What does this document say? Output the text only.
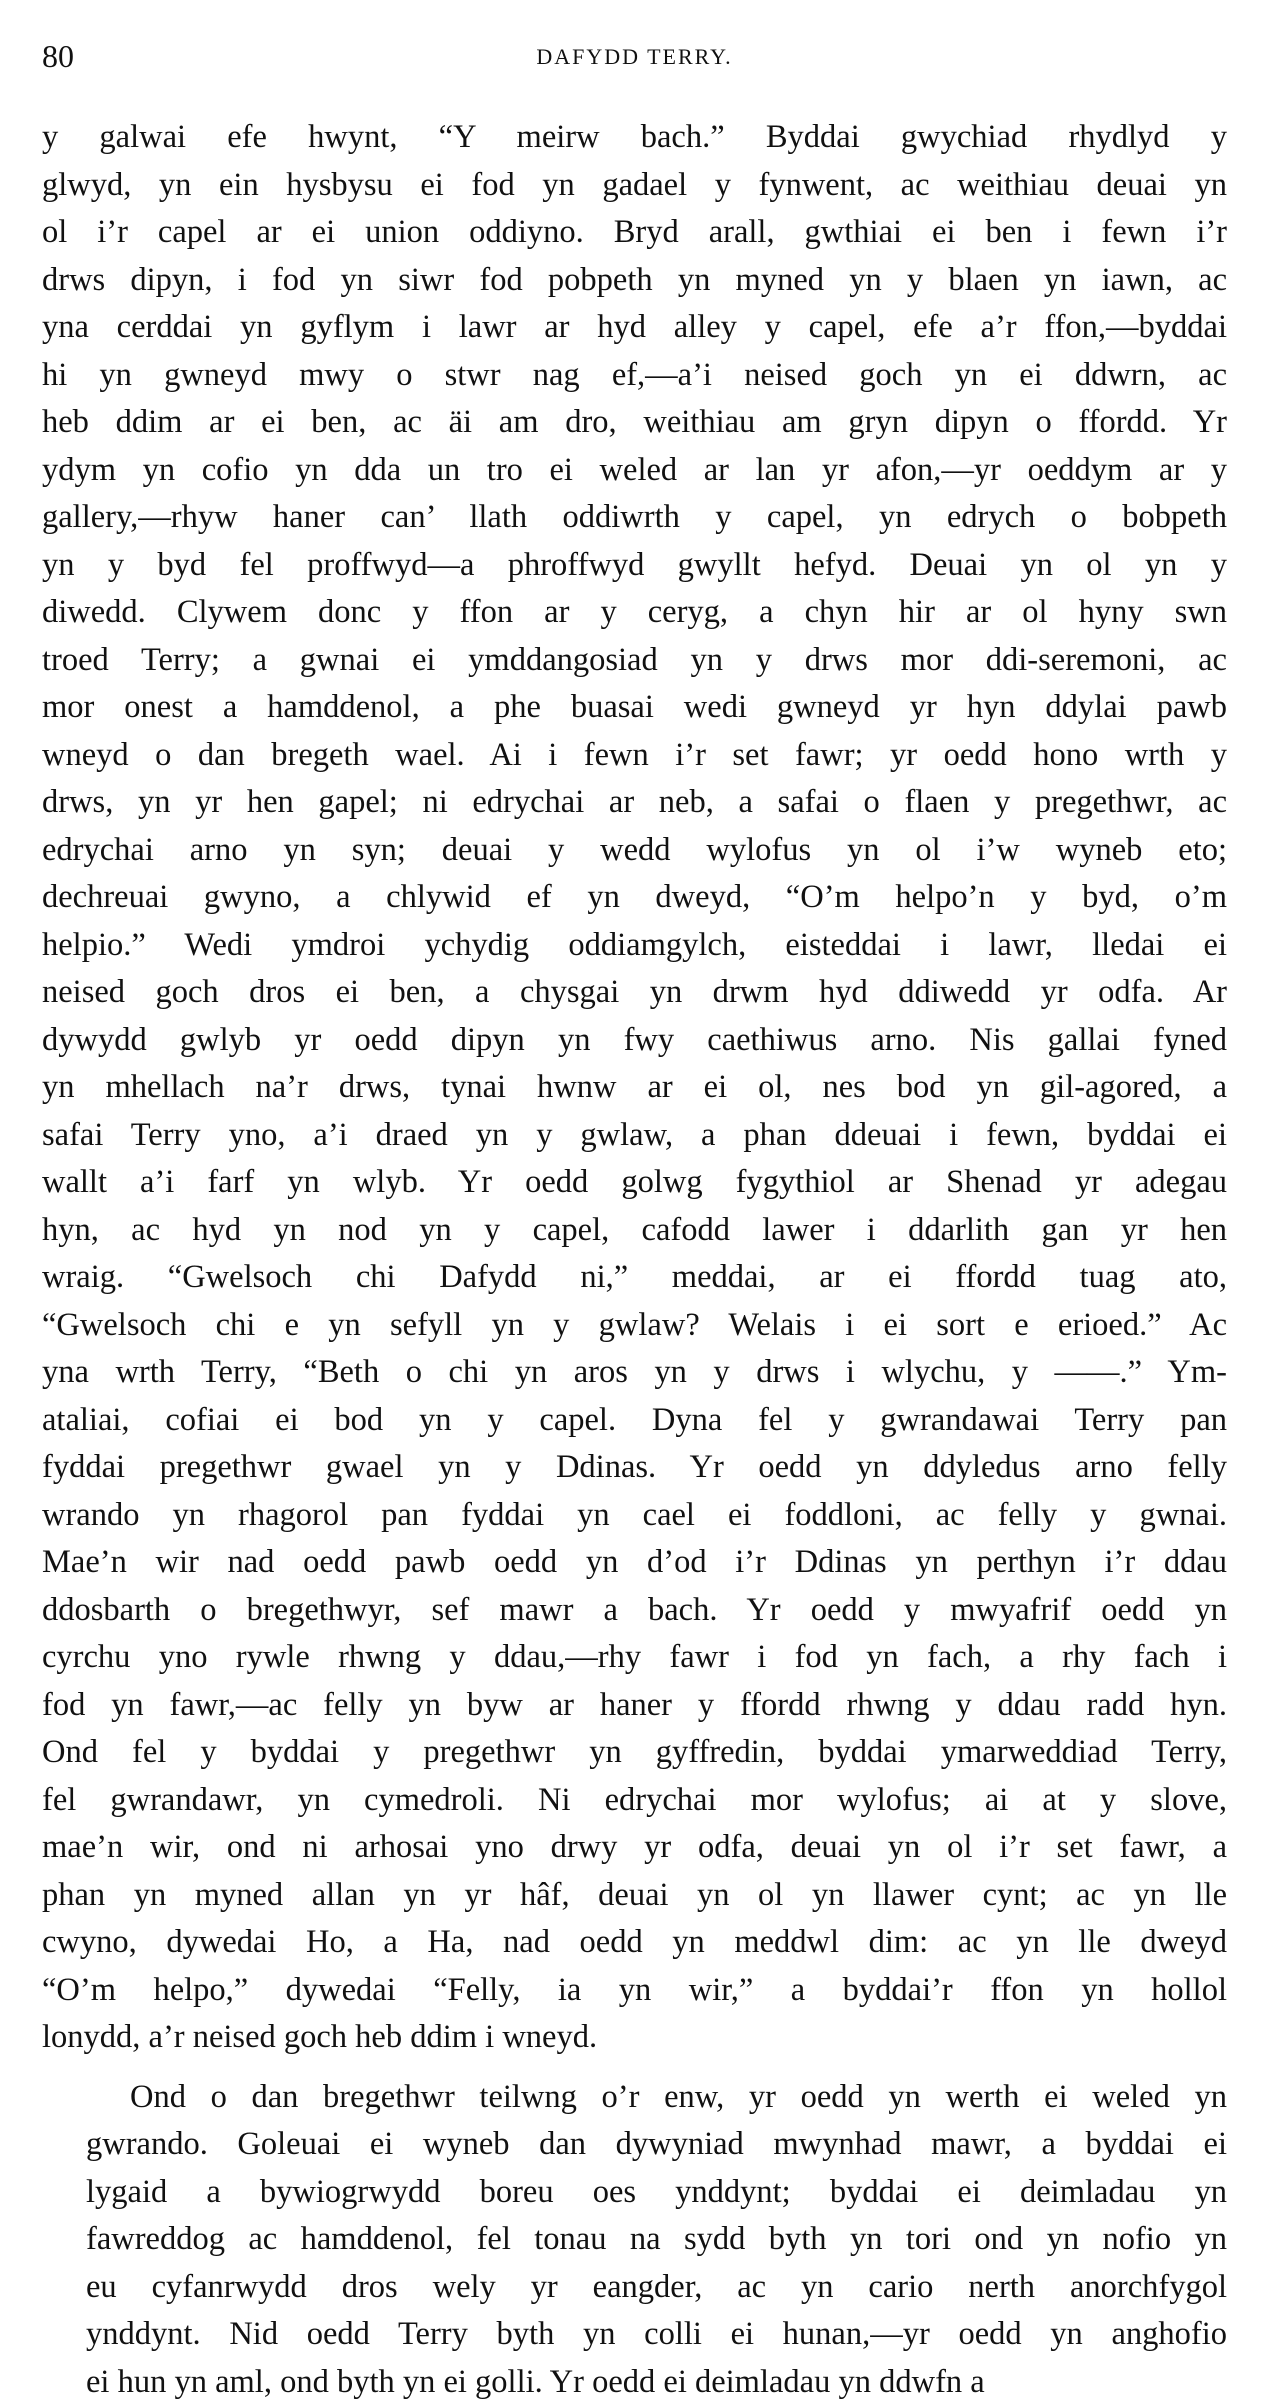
80	DAFYDD TERRY.

y galwai efe hwynt, “Y meirw bach.” Byddai gwychiad rhydlyd y
glwyd, yn ein hysbysu ei fod yn gadael y fynwent, ac weithiau deuai yn
ol i’r capel ar ei union oddiyno. Bryd arall, gwthiai ei ben i fewn i’r
drws dipyn, i fod yn siwr fod pobpeth yn myned yn y blaen yn iawn, ac
yna cerddai yn gyflym i lawr ar hyd alley y capel, efe a’r ffon,—byddai
hi yn gwneyd mwy o stwr nag ef,—a’i neised goch yn ei ddwrn, ac
heb ddim ar ei ben, ac äi am dro, weithiau am gryn dipyn o ffordd. Yr
ydym yn cofio yn dda un tro ei weled ar lan yr afon,—yr oeddym ar y
gallery,—rhyw haner can’ llath oddiwrth y capel, yn edrych o bobpeth
yn y byd fel proffwyd—a phroffwyd gwyllt hefyd. Deuai yn ol yn y
diwedd. Clywem donc y ffon ar y ceryg, a chyn hir ar ol hyny swn
troed Terry; a gwnai ei ymddangosiad yn y drws mor ddi-seremoni, ac
mor onest a hamddenol, a phe buasai wedi gwneyd yr hyn ddylai pawb
wneyd o dan bregeth wael. Ai i fewn i’r set fawr; yr oedd hono wrth y
drws, yn yr hen gapel; ni edrychai ar neb, a safai o flaen y pregethwr, ac
edrychai arno yn syn; deuai y wedd wylofus yn ol i’w wyneb eto;
dechreuai gwyno, a chlywid ef yn dweyd, “O’m helpo’n y byd, o’m
helpio.” Wedi ymdroi ychydig oddiamgylch, eisteddai i lawr, lledai ei
neised goch dros ei ben, a chysgai yn drwm hyd ddiwedd yr odfa. Ar
dywydd gwlyb yr oedd dipyn yn fwy caethiwus arno. Nis gallai fyned
yn mhellach na’r drws, tynai hwnw ar ei ol, nes bod yn gil-agored, a
safai Terry yno, a’i draed yn y gwlaw, a phan ddeuai i fewn, byddai ei
wallt a’i farf yn wlyb. Yr oedd golwg fygythiol ar Shenad yr adegau
hyn, ac hyd yn nod yn y capel, cafodd lawer i ddarlith gan yr hen
wraig. “Gwelsoch chi Dafydd ni,” meddai, ar ei ffordd tuag ato,
“Gwelsoch chi e yn sefyll yn y gwlaw? Welais i ei sort e erioed.” Ac
yna wrth Terry, “Beth o chi yn aros yn y drws i wlychu, y ——.” Ym-
ataliai, cofiai ei bod yn y capel. Dyna fel y gwrandawai Terry pan
fyddai pregethwr gwael yn y Ddinas. Yr oedd yn ddyledus arno felly
wrando yn rhagorol pan fyddai yn cael ei foddloni, ac felly y gwnai.
Mae’n wir nad oedd pawb oedd yn d’od i’r Ddinas yn perthyn i’r ddau
ddosbarth o bregethwyr, sef mawr a bach. Yr oedd y mwyafrif oedd yn
cyrchu yno rywle rhwng y ddau,—rhy fawr i fod yn fach, a rhy fach i
fod yn fawr,—ac felly yn byw ar haner y ffordd rhwng y ddau radd hyn.
Ond fel y byddai y pregethwr yn gyffredin, byddai ymarweddiad Terry,
fel gwrandawr, yn cymedroli. Ni edrychai mor wylofus; ai at y slove,
mae’n wir, ond ni arhosai yno drwy yr odfa, deuai yn ol i’r set fawr, a
phan yn myned allan yn yr hâf, deuai yn ol yn llawer cynt; ac yn lle
cwyno, dywedai Ho, a Ha, nad oedd yn meddwl dim: ac yn lle dweyd
“O’m helpo,” dywedai “Felly, ia yn wir,” a byddai’r ffon yn hollol
lonydd, a’r neised goch heb ddim i wneyd.

Ond o dan bregethwr teilwng o’r enw, yr oedd yn werth ei weled yn
gwrando. Goleuai ei wyneb dan dywyniad mwynhad mawr, a byddai ei
lygaid a bywiogrwydd boreu oes ynddynt; byddai ei deimladau yn
fawreddog ac hamddenol, fel tonau na sydd byth yn tori ond yn nofio yn
eu cyfanrwydd dros wely yr eangder, ac yn cario nerth anorchfygol
ynddynt. Nid oedd Terry byth yn colli ei hunan,—yr oedd yn anghofio
ei hun yn aml, ond byth yn ei golli. Yr oedd ei deimladau yn ddwfn a
